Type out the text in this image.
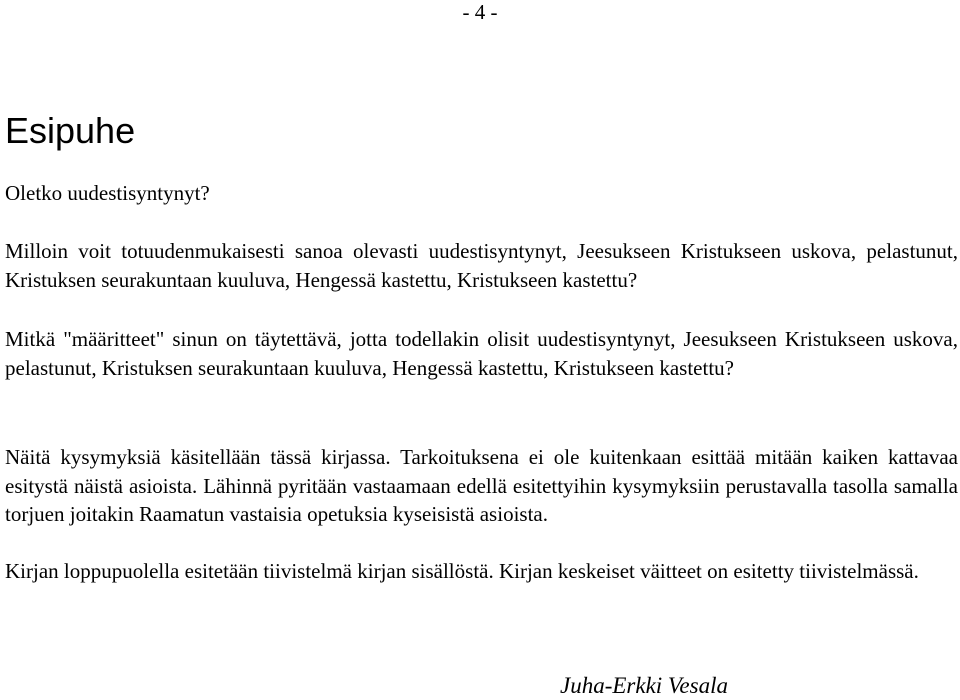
- 4 -
Esipuhe

Oletko uudestisyntynyt?

Milloin voit totuudenmukaisesti sanoa olevasti uudestisyntynyt, Jeesukseen Kristukseen uskova, pelastunut, Kristuksen seurakuntaan kuuluva, Hengessä kastettu, Kristukseen kastettu?

Mitkä "määritteet" sinun on täytettävä, jotta todellakin olisit uudestisyntynyt, Jeesukseen Kristukseen uskova, pelastunut, Kristuksen seurakuntaan kuuluva, Hengessä kastettu, Kristukseen kastettu?

Näitä kysymyksiä käsitellään tässä kirjassa. Tarkoituksena ei ole kuitenkaan esittää mitään kaiken kattavaa esitystä näistä asioista. Lähinnä pyritään vastaamaan edellä esitettyihin kysymyksiin perustavalla tasolla samalla torjuen joitakin Raamatun vastaisia opetuksia kyseisistä asioista.

Kirjan loppupuolella esitetään tiivistelmä kirjan sisällöstä. Kirjan keskeiset väitteet on esitetty tiivistelmässä.

Juha-Erkki Vesala
